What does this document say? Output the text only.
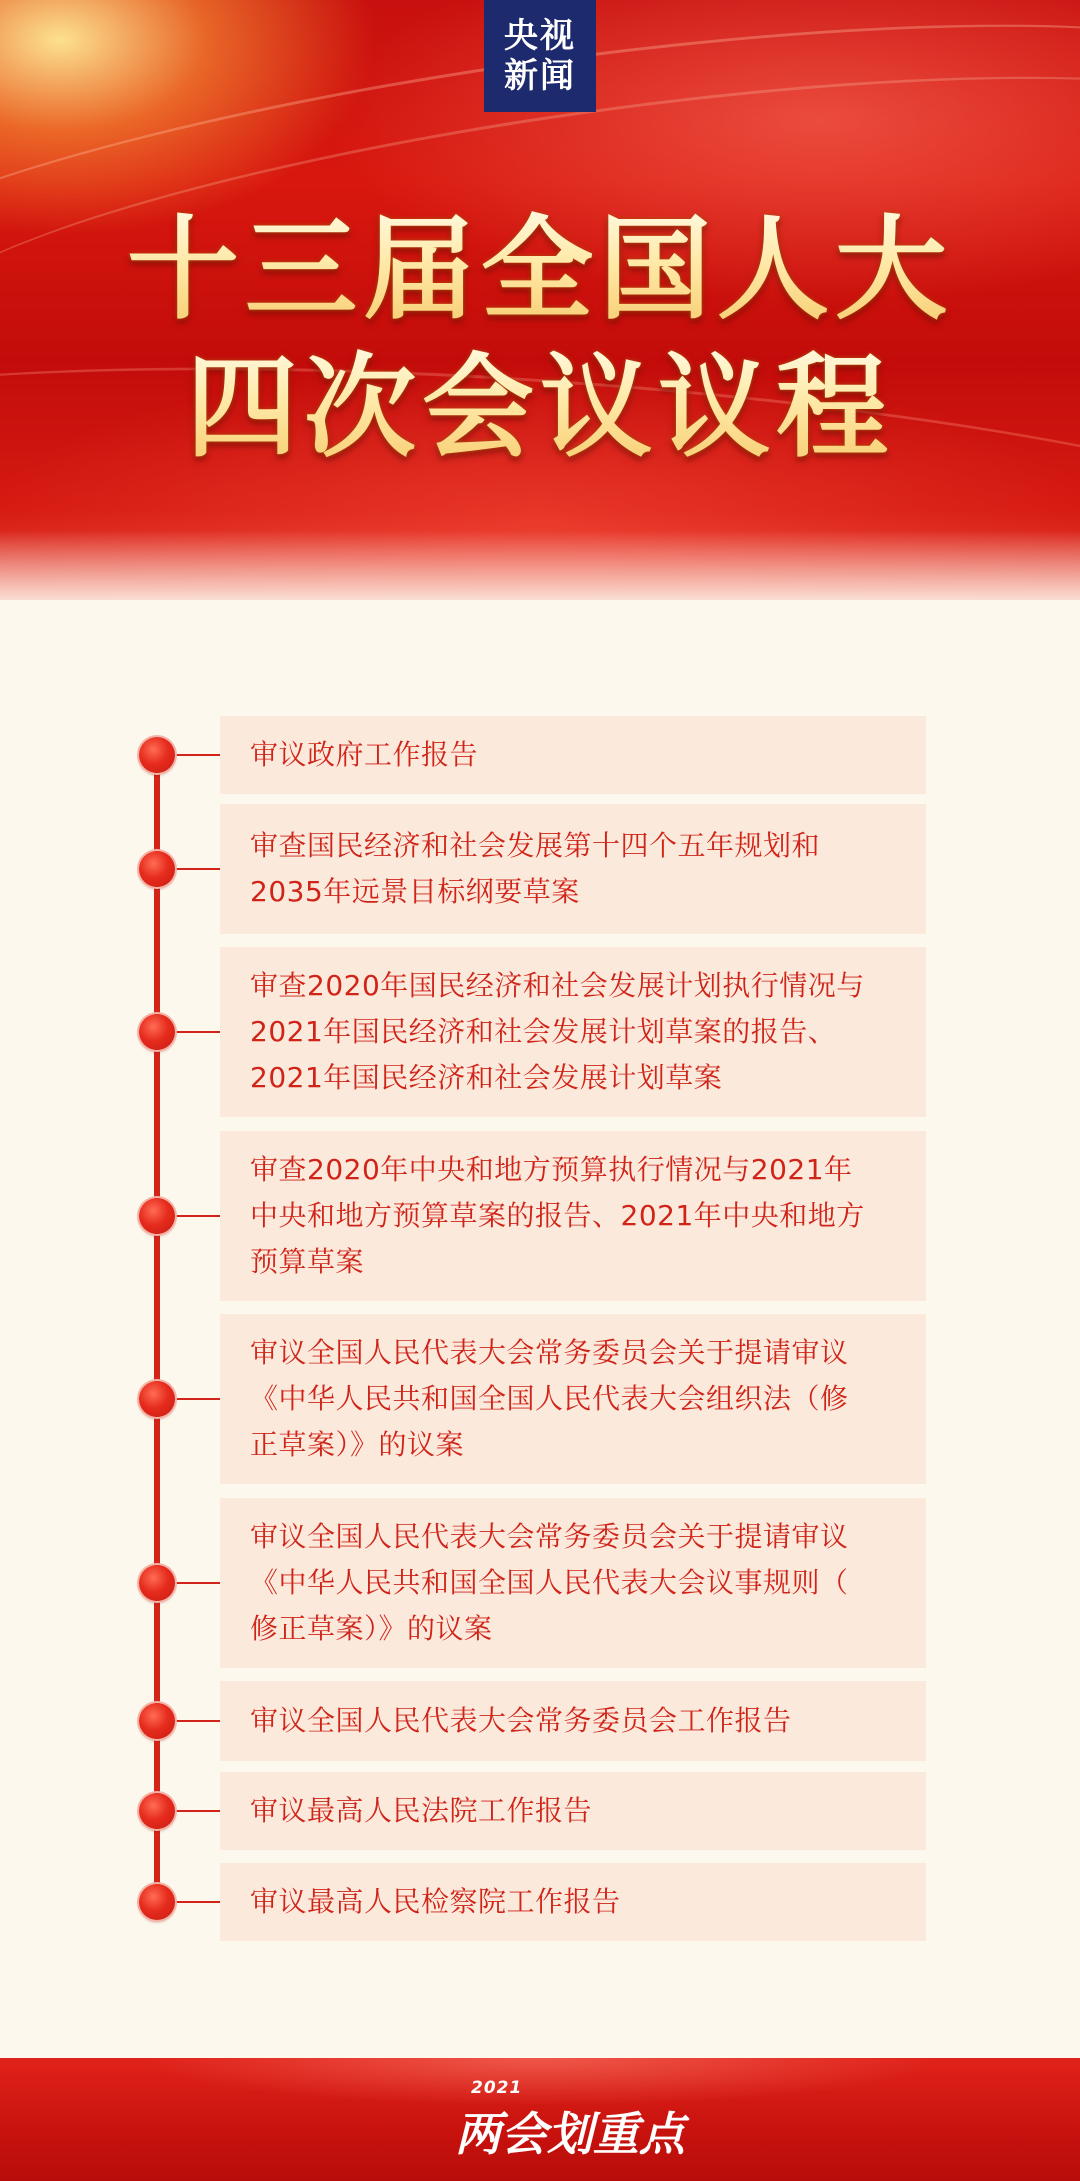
央视
新闻
十三届全国人大
四次会议议程
审议政府工作报告
审查国民经济和社会发展第十四个五年规划和
2035年远景目标纲要草案
审查2020年国民经济和社会发展计划执行情况与
2021年国民经济和社会发展计划草案的报告、
2021年国民经济和社会发展计划草案
审查2020年中央和地方预算执行情况与2021年
中央和地方预算草案的报告、2021年中央和地方
预算草案
审议全国人民代表大会常务委员会关于提请审议
《中华人民共和国全国人民代表大会组织法（修
正草案）》的议案
审议全国人民代表大会常务委员会关于提请审议
《中华人民共和国全国人民代表大会议事规则（
修正草案）》的议案
审议全国人民代表大会常务委员会工作报告
审议最高人民法院工作报告
审议最高人民检察院工作报告
2021
两会划重点
